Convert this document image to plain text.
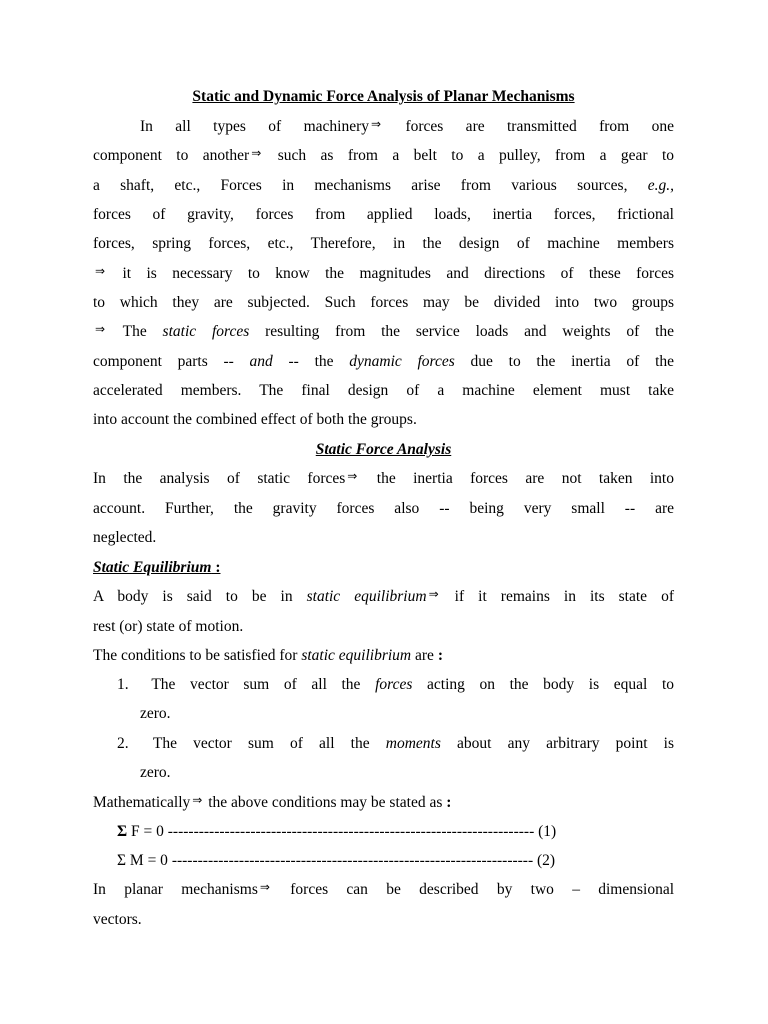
Static and Dynamic Force Analysis of Planar Mechanisms
In all types of machinery ⇒ forces are transmitted from one
component to another ⇒ such as from a belt to a pulley, from a gear to
a shaft, etc., Forces in mechanisms arise from various sources, e.g.,
forces of gravity, forces from applied loads, inertia forces, frictional
forces, spring forces, etc., Therefore, in the design of machine members
⇒ it is necessary to know the magnitudes and directions of these forces
to which they are subjected. Such forces may be divided into two groups
⇒ The static forces resulting from the service loads and weights of the
component parts -- and -- the dynamic forces due to the inertia of the
accelerated members. The final design of a machine element must take
into account the combined effect of both the groups.
Static Force Analysis
In the analysis of static forces ⇒ the inertia forces are not taken into
account. Further, the gravity forces also -- being very small -- are
neglected.
Static Equilibrium :
A body is said to be in static equilibrium ⇒ if it remains in its state of
rest (or) state of motion.
The conditions to be satisfied for static equilibrium are :
1. The vector sum of all the forces acting on the body is equal to
zero.
2. The vector sum of all the moments about any arbitrary point is
zero.
Mathematically ⇒ the above conditions may be stated as :
Σ F = 0 ----------------------------------------------------------------------- (1)
Σ M = 0 ---------------------------------------------------------------------- (2)
In planar mechanisms ⇒ forces can be described by two – dimensional
vectors.
